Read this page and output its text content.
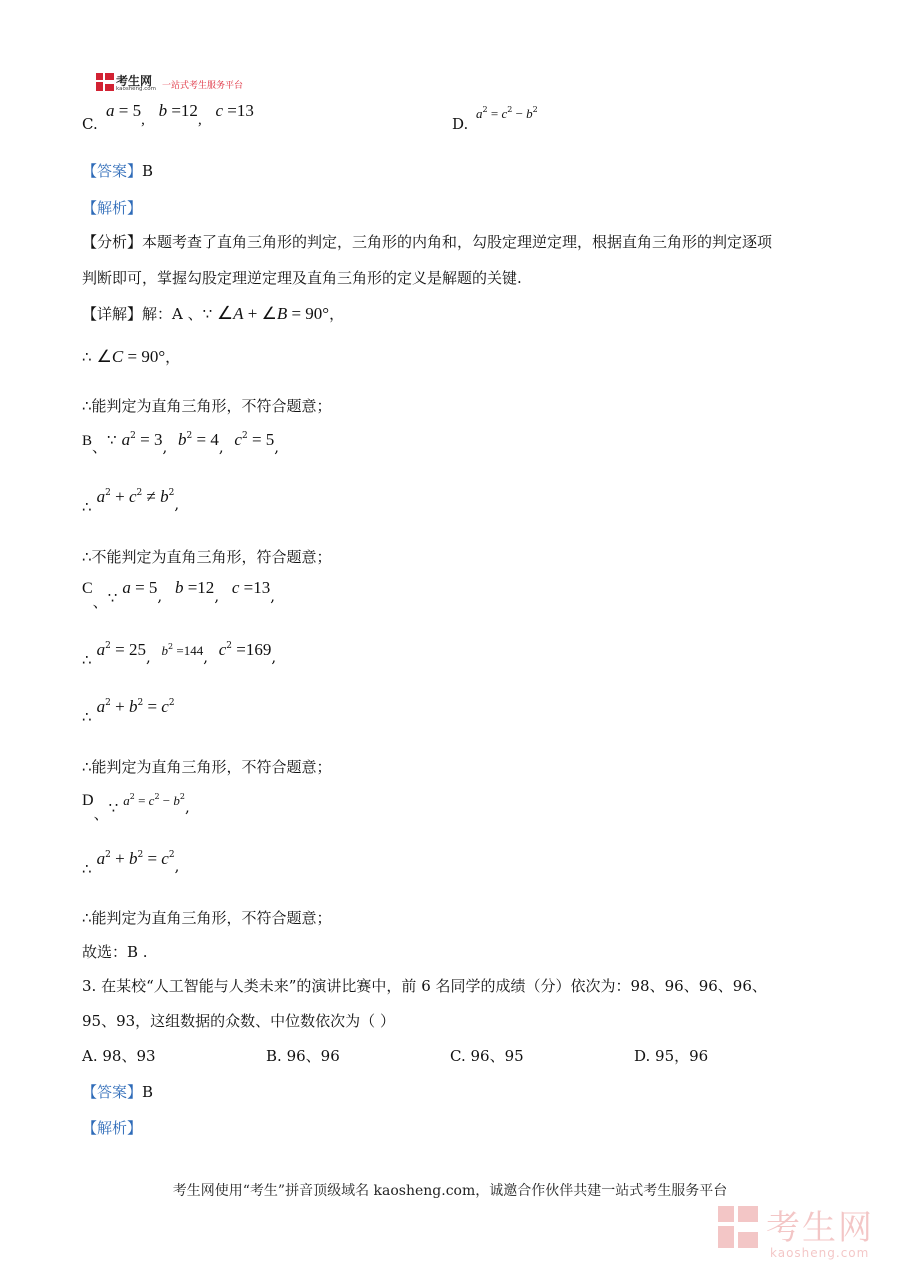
考生网
kaosheng.com 一站式考生服务平台
C.
a = 5, b =12, c =13
D.
$a^2 = c^2 - b^2$
【答案】B
【解析】
【分析】本题考查了直角三角形的判定，三角形的内角和，勾股定理逆定理，根据直角三角形的判定逐项
判断即可，掌握勾股定理逆定理及直角三角形的定义是解题的关键.
【详解】解：A 、∵ ∠A + ∠B = 90°，
∴ ∠C = 90°，
∴能判定为直角三角形，不符合题意；
B、∵ $a^2 = 3$, $b^2 = 4$, $c^2 = 5$,
∴ $a^2 + c^2 \ne b^2$,
∴不能判定为直角三角形，符合题意；
C、∵ a = 5, b =12, c =13,
∴ $a^2 = 25$, $b^2 =144$, $c^2 =169$,
∴ $a^2 + b^2 = c^2$
∴能判定为直角三角形，不符合题意；
D、∵ $a^2 = c^2 - b^2$,
∴ $a^2 + b^2 = c^2$,
∴能判定为直角三角形，不符合题意；
故选：B .
3. 在某校“人工智能与人类未来”的演讲比赛中，前 6 名同学的成绩（分）依次为：98、96、96、96、
95、93，这组数据的众数、中位数依次为（ ）
A. 98、93	B. 96、96	C. 96、95	D. 95，96
【答案】B
【解析】
考生网使用“考生”拼音顶级域名 kaosheng.com，诚邀合作伙伴共建一站式考生服务平台
考生网
kaosheng.com
